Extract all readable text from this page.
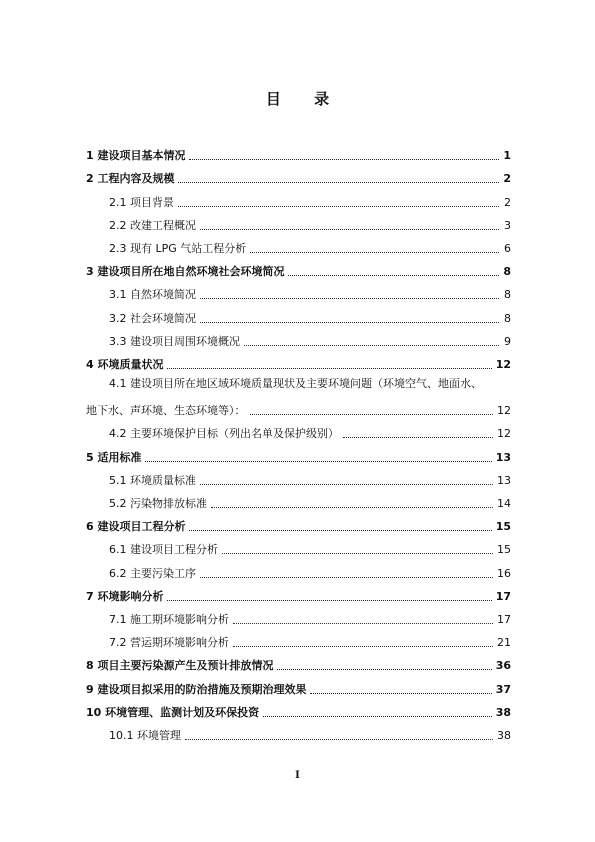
目 录
1 建设项目基本情况	1
2 工程内容及规模	2
2.1 项目背景	2
2.2 改建工程概况	3
2.3 现有 LPG 气站工程分析	6
3 建设项目所在地自然环境社会环境简况	8
3.1 自然环境简况	8
3.2 社会环境简况	8
3.3 建设项目周围环境概况	9
4 环境质量状况	12
4.1 建设项目所在地区域环境质量现状及主要环境问题（环境空气、地面水、
地下水、声环境、生态环境等）：	12
4.2 主要环境保护目标（列出名单及保护级别）	12
5 适用标准	13
5.1 环境质量标准	13
5.2 污染物排放标准	14
6 建设项目工程分析	15
6.1 建设项目工程分析	15
6.2 主要污染工序	16
7 环境影响分析	17
7.1 施工期环境影响分析	17
7.2 营运期环境影响分析	21
8 项目主要污染源产生及预计排放情况	36
9 建设项目拟采用的防治措施及预期治理效果	37
10 环境管理、监测计划及环保投资	38
10.1 环境管理	38
I
